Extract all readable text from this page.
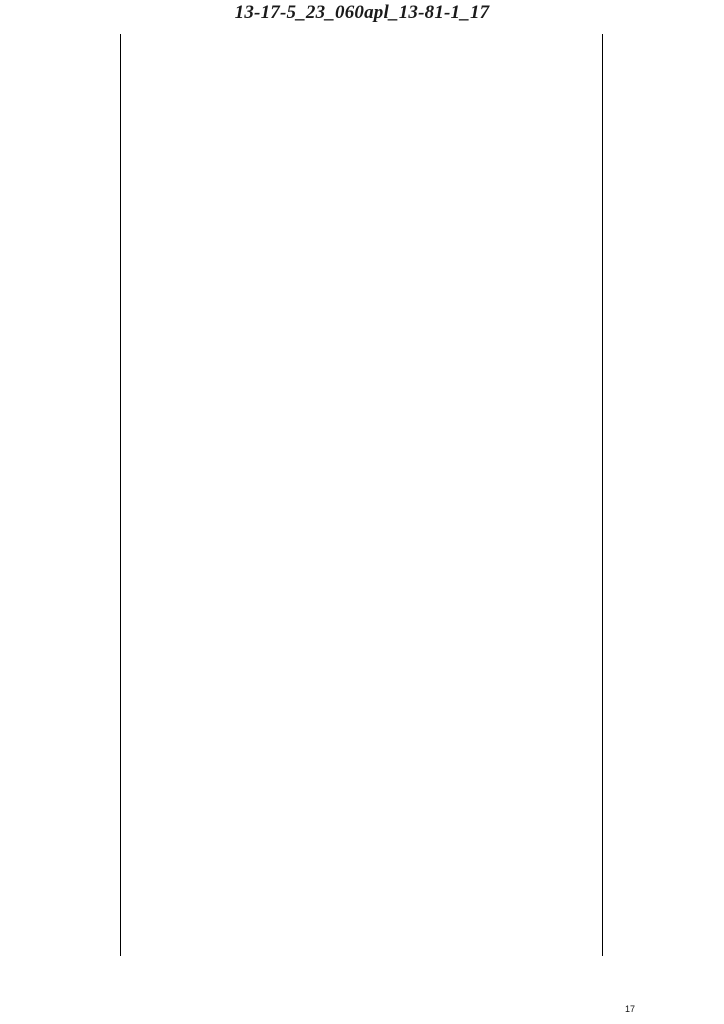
13-17-5_23_060apl_13-81-1_17

17
